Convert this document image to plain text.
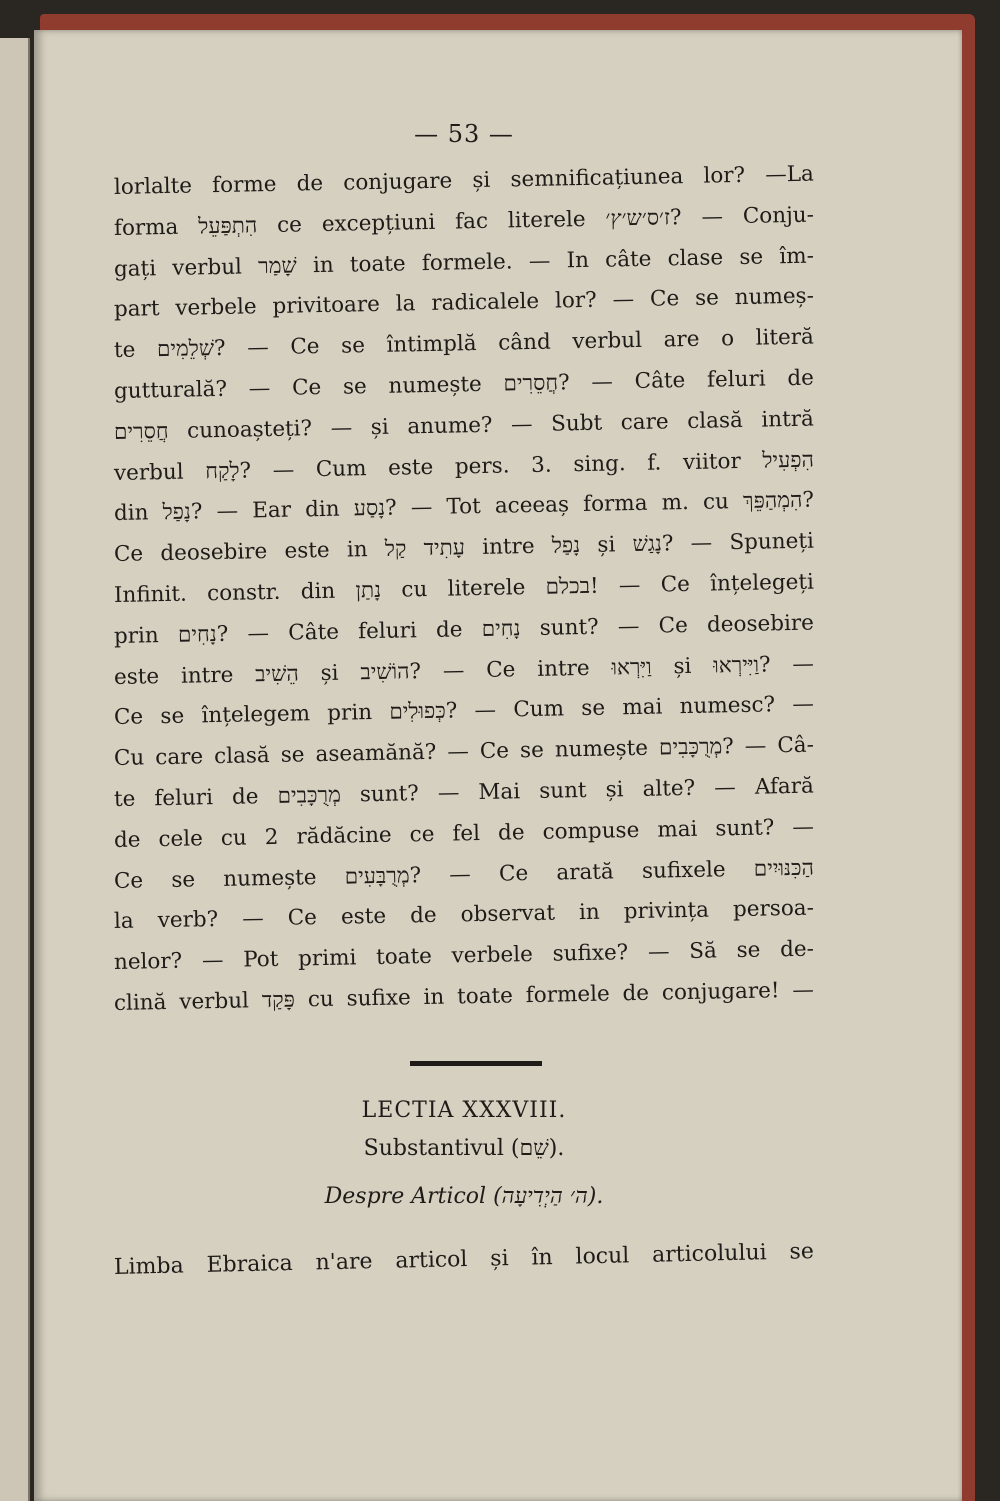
— 53 —
lorlalte forme de conjugare și semnificațiunea lor? —La
forma הִתְפַּעֵל ce excepțiuni fac literele ז׳ס׳ש׳ץ׳? — Conju-
gați verbul שָׁמַר in toate formele. — In câte clase se îm-
part verbele privitoare la radicalele lor? — Ce se numeș-
te שְׁלֵמִים? — Ce se întimplă când verbul are o literă
gutturală? — Ce se numește חֲסֵרִים? — Câte feluri de
חֲסֵרִים cunoașteți? — și anume? — Subt care clasă intră
verbul לָקַח? — Cum este pers. 3. sing. f. viitor הִפְעִיל
din נָפַל? — Ear din נָסַע? — Tot aceeaș forma m. cu הִמְהַפֵּךְ?
Ce deosebire este in עָתִיד קַל intre נָפַל și נָגַשׁ? — Spuneți
Infinit. constr. din נָתַן cu literele בכלם! — Ce înțelegeți
prin נָחִים? — Câte feluri de נָחִים sunt? — Ce deosebire
este intre הֵשִׁיב și הוֹשִׁיב? — Ce intre וַיִּרְאוּ și וַיִּירְאוּ? —
Ce se înțelegem prin כְּפוּלִים? — Cum se mai numesc? —
Cu care clasă se aseamănă? — Ce se numește מְרֻכָּבִים? — Câ-
te feluri de מְרֻכָּבִים sunt? — Mai sunt și alte? — Afară
de cele cu 2 rădăcine ce fel de compuse mai sunt? —
Ce se numește מְרֻבָּעִים? — Ce arată sufixele הַכִּנּוּיִים
la verb? — Ce este de observat in privința persoa-
nelor? — Pot primi toate verbele sufixe? — Să se de-
clină verbul פָּקַד cu sufixe in toate formele de conjugare! —
LECTIA XXXVIII.
Substantivul (שֵׁם).
Despre Articol (ה׳ הַיְדִיעָה).
Limba Ebraica n'are articol și în locul articolului se
